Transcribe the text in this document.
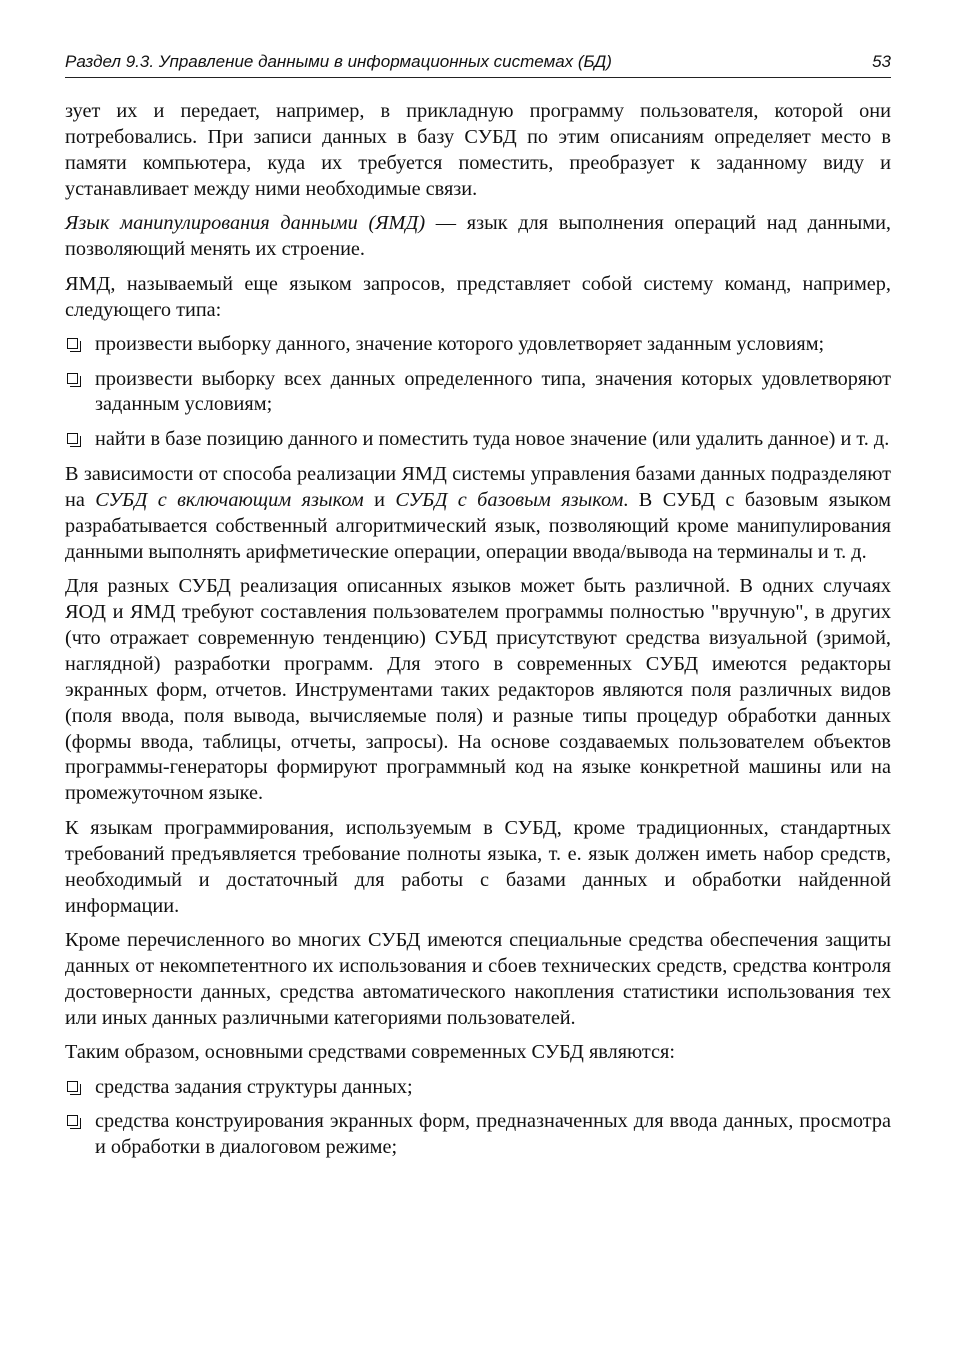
Раздел 9.3. Управление данными в информационных системах (БД)	53

зует их и передает, например, в прикладную программу пользователя, которой они потребовались. При записи данных в базу СУБД по этим описаниям определяет место в памяти компьютера, куда их требуется поместить, преобразует к заданному виду и устанавливает между ними необходимые связи.

Язык манипулирования данными (ЯМД) — язык для выполнения операций над данными, позволяющий менять их строение.

ЯМД, называемый еще языком запросов, представляет собой систему команд, например, следующего типа:

произвести выборку данного, значение которого удовлетворяет заданным условиям;
произвести выборку всех данных определенного типа, значения которых удовлетворяют заданным условиям;
найти в базе позицию данного и поместить туда новое значение (или удалить данное) и т. д.

В зависимости от способа реализации ЯМД системы управления базами данных подразделяют на СУБД с включающим языком и СУБД с базовым языком. В СУБД с базовым языком разрабатывается собственный алгоритмический язык, позволяющий кроме манипулирования данными выполнять арифметические операции, операции ввода/вывода на терминалы и т. д.

Для разных СУБД реализация описанных языков может быть различной. В одних случаях ЯОД и ЯМД требуют составления пользователем программы полностью "вручную", в других (что отражает современную тенденцию) СУБД присутствуют средства визуальной (зримой, наглядной) разработки программ. Для этого в современных СУБД имеются редакторы экранных форм, отчетов. Инструментами таких редакторов являются поля различных видов (поля ввода, поля вывода, вычисляемые поля) и разные типы процедур обработки данных (формы ввода, таблицы, отчеты, запросы). На основе создаваемых пользователем объектов программы-генераторы формируют программный код на языке конкретной машины или на промежуточном языке.

К языкам программирования, используемым в СУБД, кроме традиционных, стандартных требований предъявляется требование полноты языка, т. е. язык должен иметь набор средств, необходимый и достаточный для работы с базами данных и обработки найденной информации.

Кроме перечисленного во многих СУБД имеются специальные средства обеспечения защиты данных от некомпетентного их использования и сбоев технических средств, средства контроля достоверности данных, средства автоматического накопления статистики использования тех или иных данных различными категориями пользователей.

Таким образом, основными средствами современных СУБД являются:

средства задания структуры данных;
средства конструирования экранных форм, предназначенных для ввода данных, просмотра и обработки в диалоговом режиме;
